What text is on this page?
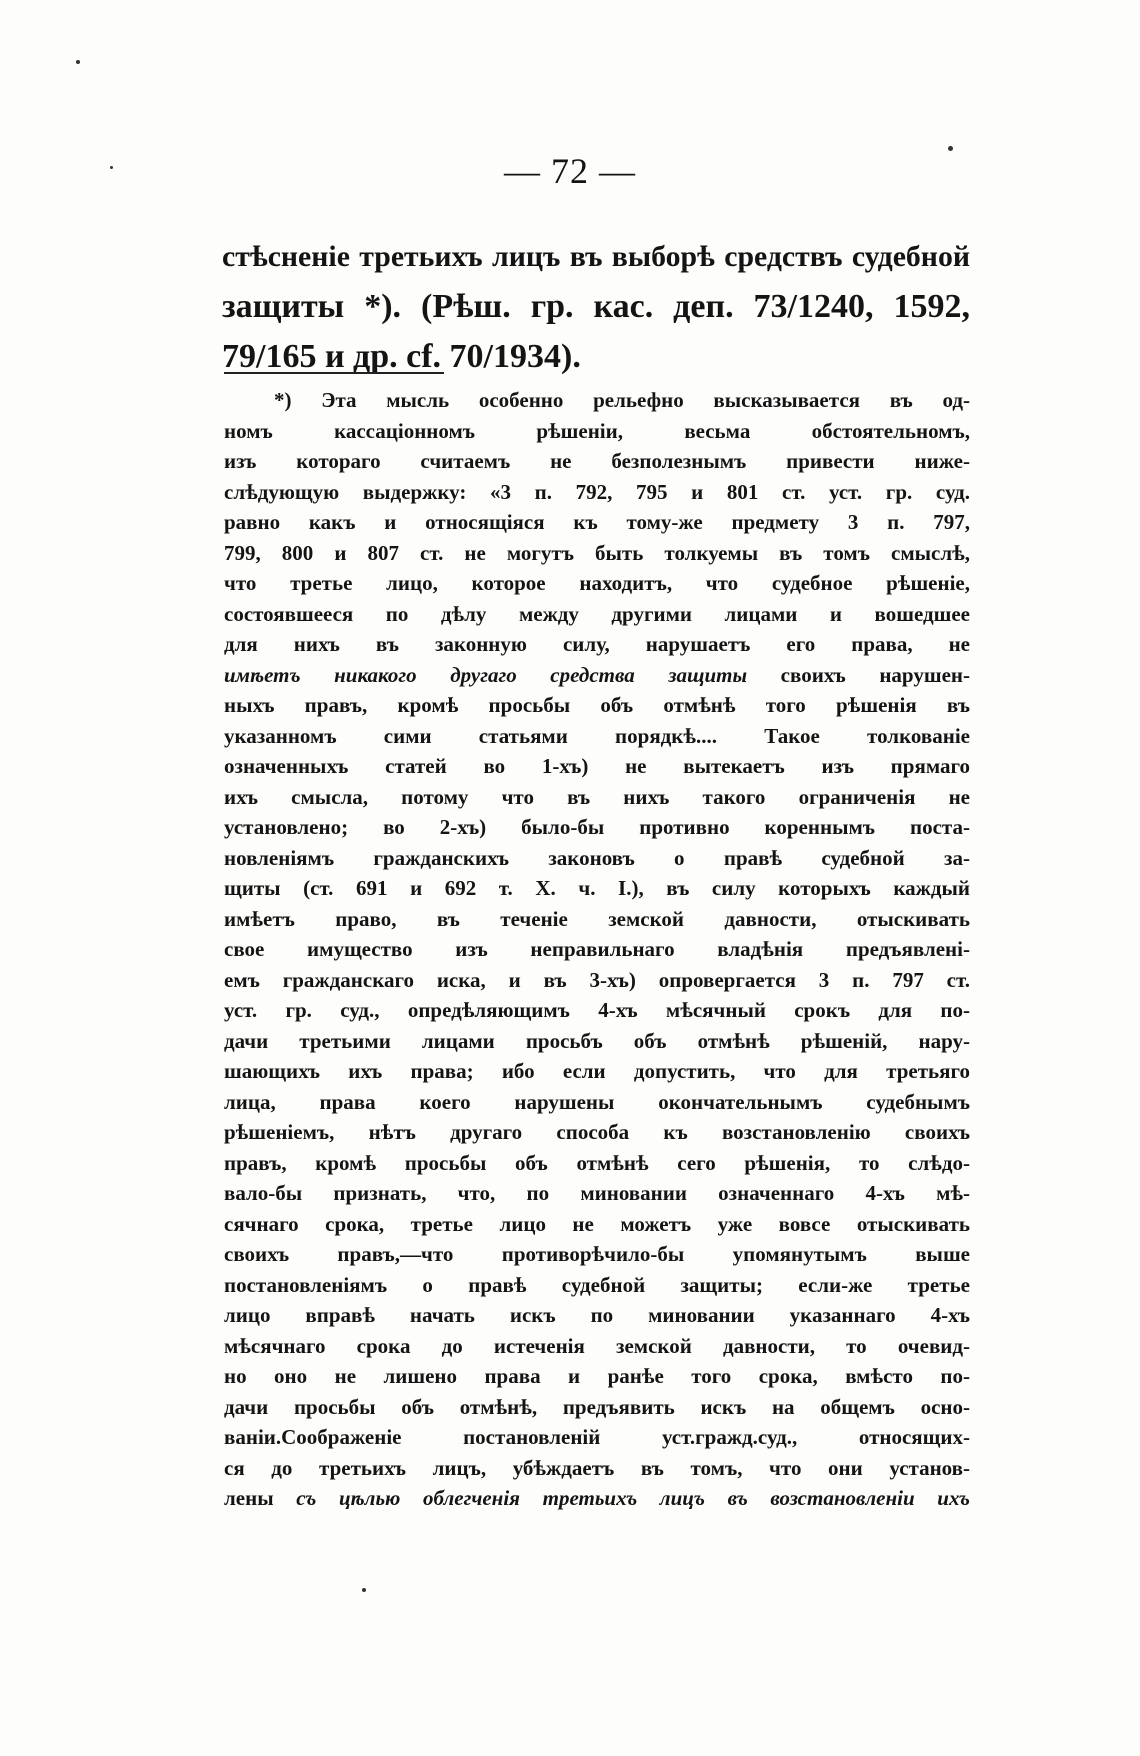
— 72 —
стѣсненіе третьихъ лицъ въ выборѣ средствъ судебной
защиты *). (Рѣш. гр. кас. деп. 73/1240, 1592,
79/165 и др. cf. 70/1934).
*) Эта мысль особенно рельефно высказывается въ од-
номъ кассаціонномъ рѣшеніи, весьма обстоятельномъ,
изъ котораго считаемъ не безполезнымъ привести ниже-
слѣдующую выдержку: «3 п. 792, 795 и 801 ст. уст. гр. суд.
равно какъ и относящіяся къ тому-же предмету 3 п. 797,
799, 800 и 807 ст. не могутъ быть толкуемы въ томъ смыслѣ,
что третье лицо, которое находитъ, что судебное рѣшеніе,
состоявшееся по дѣлу между другими лицами и вошедшее
для нихъ въ законную силу, нарушаетъ его права, не
имѣетъ никакого другаго средства защиты своихъ нарушен-
ныхъ правъ, кромѣ просьбы объ отмѣнѣ того рѣшенія въ
указанномъ сими статьями порядкѣ.... Такое толкованіе
означенныхъ статей во 1-хъ) не вытекаетъ изъ прямаго
ихъ смысла, потому что въ нихъ такого ограниченія не
установлено; во 2-хъ) было-бы противно кореннымъ поста-
новленіямъ гражданскихъ законовъ о правѣ судебной за-
щиты (ст. 691 и 692 т. X. ч. I.), въ силу которыхъ каждый
имѣетъ право, въ теченіе земской давности, отыскивать
свое имущество изъ неправильнаго владѣнія предъявлені-
емъ гражданскаго иска, и въ 3-хъ) опровергается 3 п. 797 ст.
уст. гр. суд., опредѣляющимъ 4-хъ мѣсячный срокъ для по-
дачи третьими лицами просьбъ объ отмѣнѣ рѣшеній, нару-
шающихъ ихъ права; ибо если допустить, что для третьяго
лица, права коего нарушены окончательнымъ судебнымъ
рѣшеніемъ, нѣтъ другаго способа къ возстановленію своихъ
правъ, кромѣ просьбы объ отмѣнѣ сего рѣшенія, то слѣдо-
вало-бы признать, что, по миновании означеннаго 4-хъ мѣ-
сячнаго срока, третье лицо не можетъ уже вовсе отыскивать
своихъ правъ,—что противорѣчило-бы упомянутымъ выше
постановленіямъ о правѣ судебной защиты; если-же третье
лицо вправѣ начать искъ по миновании указаннаго 4-хъ
мѣсячнаго срока до истеченія земской давности, то очевид-
но оно не лишено права и ранѣе того срока, вмѣсто по-
дачи просьбы объ отмѣнѣ, предъявить искъ на общемъ осно-
ваніи.Соображеніе постановленій уст.гражд.суд., относящих-
ся до третьихъ лицъ, убѣждаетъ въ томъ, что они установ-
лены съ цѣлью облегченія третьихъ лицъ въ возстановленіи ихъ
